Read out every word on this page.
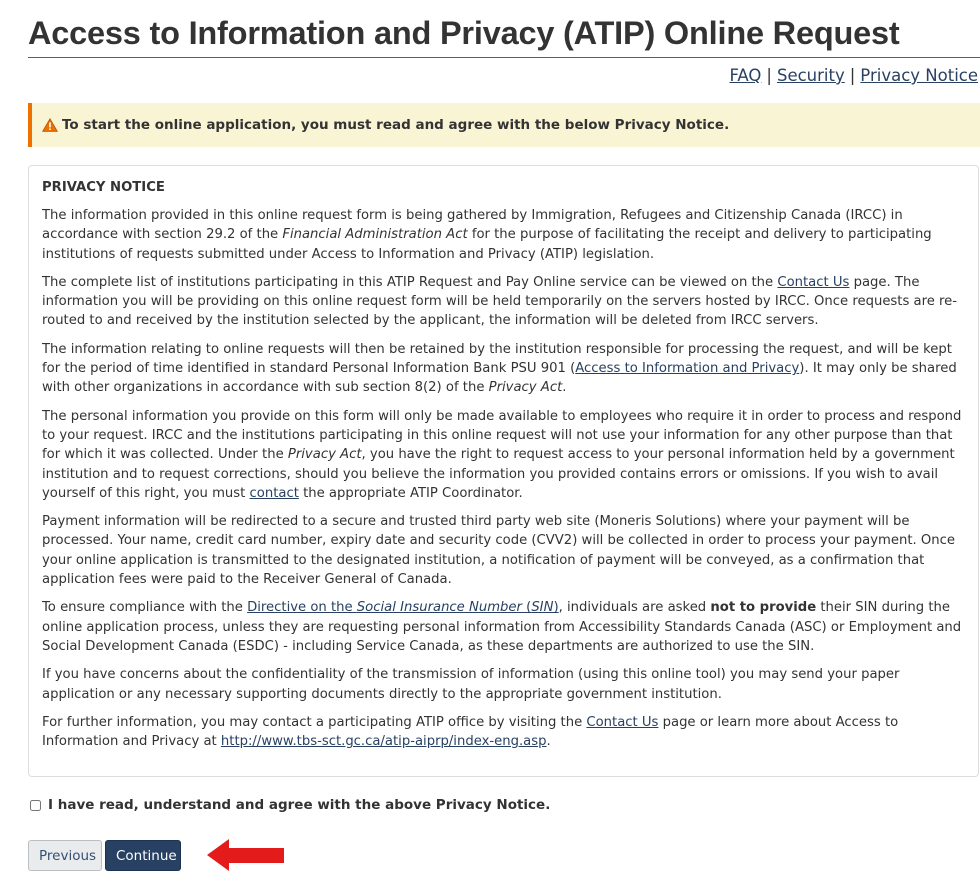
Access to Information and Privacy (ATIP) Online Request
FAQ | Security | Privacy Notice
To start the online application, you must read and agree with the below Privacy Notice.
PRIVACY NOTICE

The information provided in this online request form is being gathered by Immigration, Refugees and Citizenship Canada (IRCC) in accordance with section 29.2 of the Financial Administration Act for the purpose of facilitating the receipt and delivery to participating institutions of requests submitted under Access to Information and Privacy (ATIP) legislation.

The complete list of institutions participating in this ATIP Request and Pay Online service can be viewed on the Contact Us page. The information you will be providing on this online request form will be held temporarily on the servers hosted by IRCC. Once requests are re-routed to and received by the institution selected by the applicant, the information will be deleted from IRCC servers.

The information relating to online requests will then be retained by the institution responsible for processing the request, and will be kept for the period of time identified in standard Personal Information Bank PSU 901 (Access to Information and Privacy). It may only be shared with other organizations in accordance with sub section 8(2) of the Privacy Act.

The personal information you provide on this form will only be made available to employees who require it in order to process and respond to your request. IRCC and the institutions participating in this online request will not use your information for any other purpose than that for which it was collected. Under the Privacy Act, you have the right to request access to your personal information held by a government institution and to request corrections, should you believe the information you provided contains errors or omissions. If you wish to avail yourself of this right, you must contact the appropriate ATIP Coordinator.

Payment information will be redirected to a secure and trusted third party web site (Moneris Solutions) where your payment will be processed. Your name, credit card number, expiry date and security code (CVV2) will be collected in order to process your payment. Once your online application is transmitted to the designated institution, a notification of payment will be conveyed, as a confirmation that application fees were paid to the Receiver General of Canada.

To ensure compliance with the Directive on the Social Insurance Number (SIN), individuals are asked not to provide their SIN during the online application process, unless they are requesting personal information from Accessibility Standards Canada (ASC) or Employment and Social Development Canada (ESDC) - including Service Canada, as these departments are authorized to use the SIN.

If you have concerns about the confidentiality of the transmission of information (using this online tool) you may send your paper application or any necessary supporting documents directly to the appropriate government institution.

For further information, you may contact a participating ATIP office by visiting the Contact Us page or learn more about Access to Information and Privacy at http://www.tbs-sct.gc.ca/atip-aiprp/index-eng.asp.

I have read, understand and agree with the above Privacy Notice.
Previous	Continue
